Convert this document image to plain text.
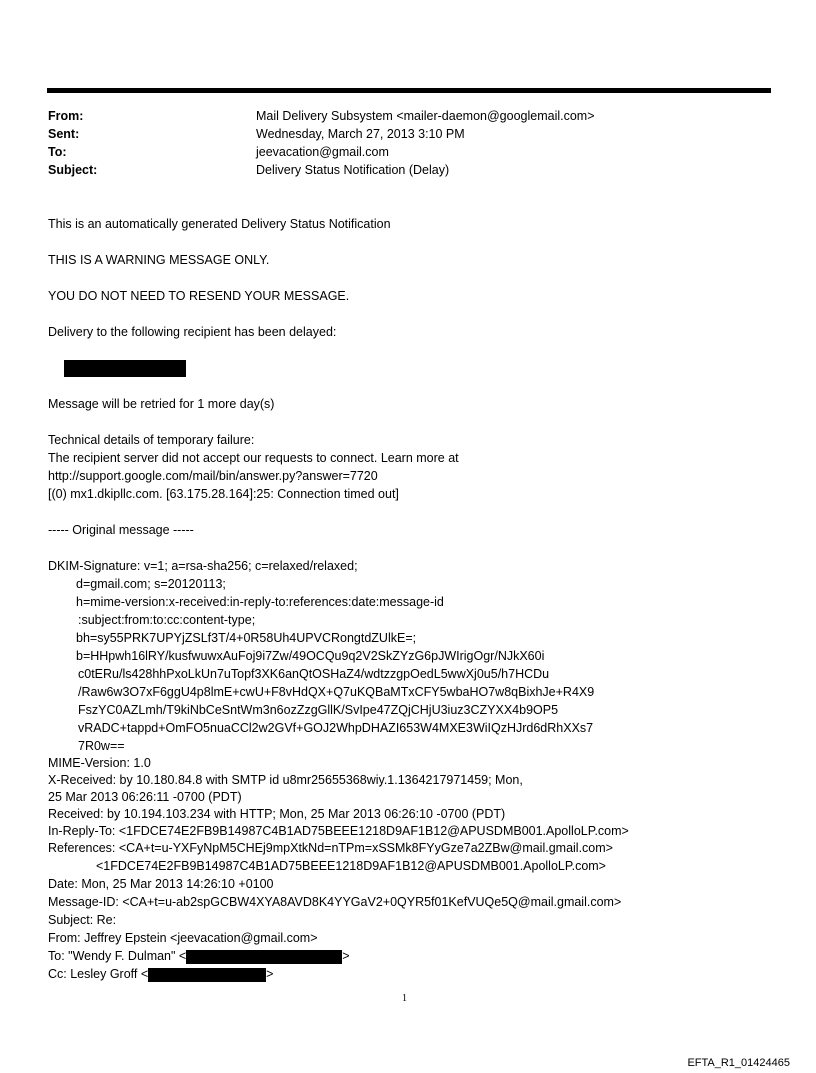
From:	Mail Delivery Subsystem <mailer-daemon@googlemail.com>
Sent:	Wednesday, March 27, 2013 3:10 PM
To:	jeevacation@gmail.com
Subject:	Delivery Status Notification (Delay)
This is an automatically generated Delivery Status Notification
THIS IS A WARNING MESSAGE ONLY.
YOU DO NOT NEED TO RESEND YOUR MESSAGE.
Delivery to the following recipient has been delayed:
Message will be retried for 1 more day(s)
Technical details of temporary failure:
The recipient server did not accept our requests to connect. Learn more at
http://support.google.com/mail/bin/answer.py?answer=7720
[(0) mx1.dkipllc.com. [63.175.28.164]:25: Connection timed out]
----- Original message -----
DKIM-Signature: v=1; a=rsa-sha256; c=relaxed/relaxed;
d=gmail.com; s=20120113;
h=mime-version:x-received:in-reply-to:references:date:message-id
:subject:from:to:cc:content-type;
bh=sy55PRK7UPYjZSLf3T/4+0R58Uh4UPVCRongtdZUlkE=;
b=HHpwh16lRY/kusfwuwxAuFoj9i7Zw/49OCQu9q2V2SkZYzG6pJWIrigOgr/NJkX60i
c0tERu/ls428hhPxoLkUn7uTopf3XK6anQtOSHaZ4/wdtzzgpOedL5wwXj0u5/h7HCDu
/Raw6w3O7xF6ggU4p8lmE+cwU+F8vHdQX+Q7uKQBaMTxCFY5wbaHO7w8qBixhJe+R4X9
FszYC0AZLmh/T9kiNbCeSntWm3n6ozZzgGllK/SvIpe47ZQjCHjU3iuz3CZYXX4b9OP5
vRADC+tappd+OmFO5nuaCCl2w2GVf+GOJ2WhpDHAZI653W4MXE3WiIQzHJrd6dRhXXs7
7R0w==
MIME-Version: 1.0
X-Received: by 10.180.84.8 with SMTP id u8mr25655368wiy.1.1364217971459; Mon,
25 Mar 2013 06:26:11 -0700 (PDT)
Received: by 10.194.103.234 with HTTP; Mon, 25 Mar 2013 06:26:10 -0700 (PDT)
In-Reply-To: <1FDCE74E2FB9B14987C4B1AD75BEEE1218D9AF1B12@APUSDMB001.ApolloLP.com>
References: <CA+t=u-YXFyNpM5CHEj9mpXtkNd=nTPm=xSSMk8FYyGze7a2ZBw@mail.gmail.com>
<1FDCE74E2FB9B14987C4B1AD75BEEE1218D9AF1B12@APUSDMB001.ApolloLP.com>
Date: Mon, 25 Mar 2013 14:26:10 +0100
Message-ID: <CA+t=u-ab2spGCBW4XYA8AVD8K4YYGaV2+0QYR5f01KefVUQe5Q@mail.gmail.com>
Subject: Re:
From: Jeffrey Epstein <jeevacation@gmail.com>
To: "Wendy F. Dulman" <	>
Cc: Lesley Groff <	>
1
EFTA_R1_01424465
